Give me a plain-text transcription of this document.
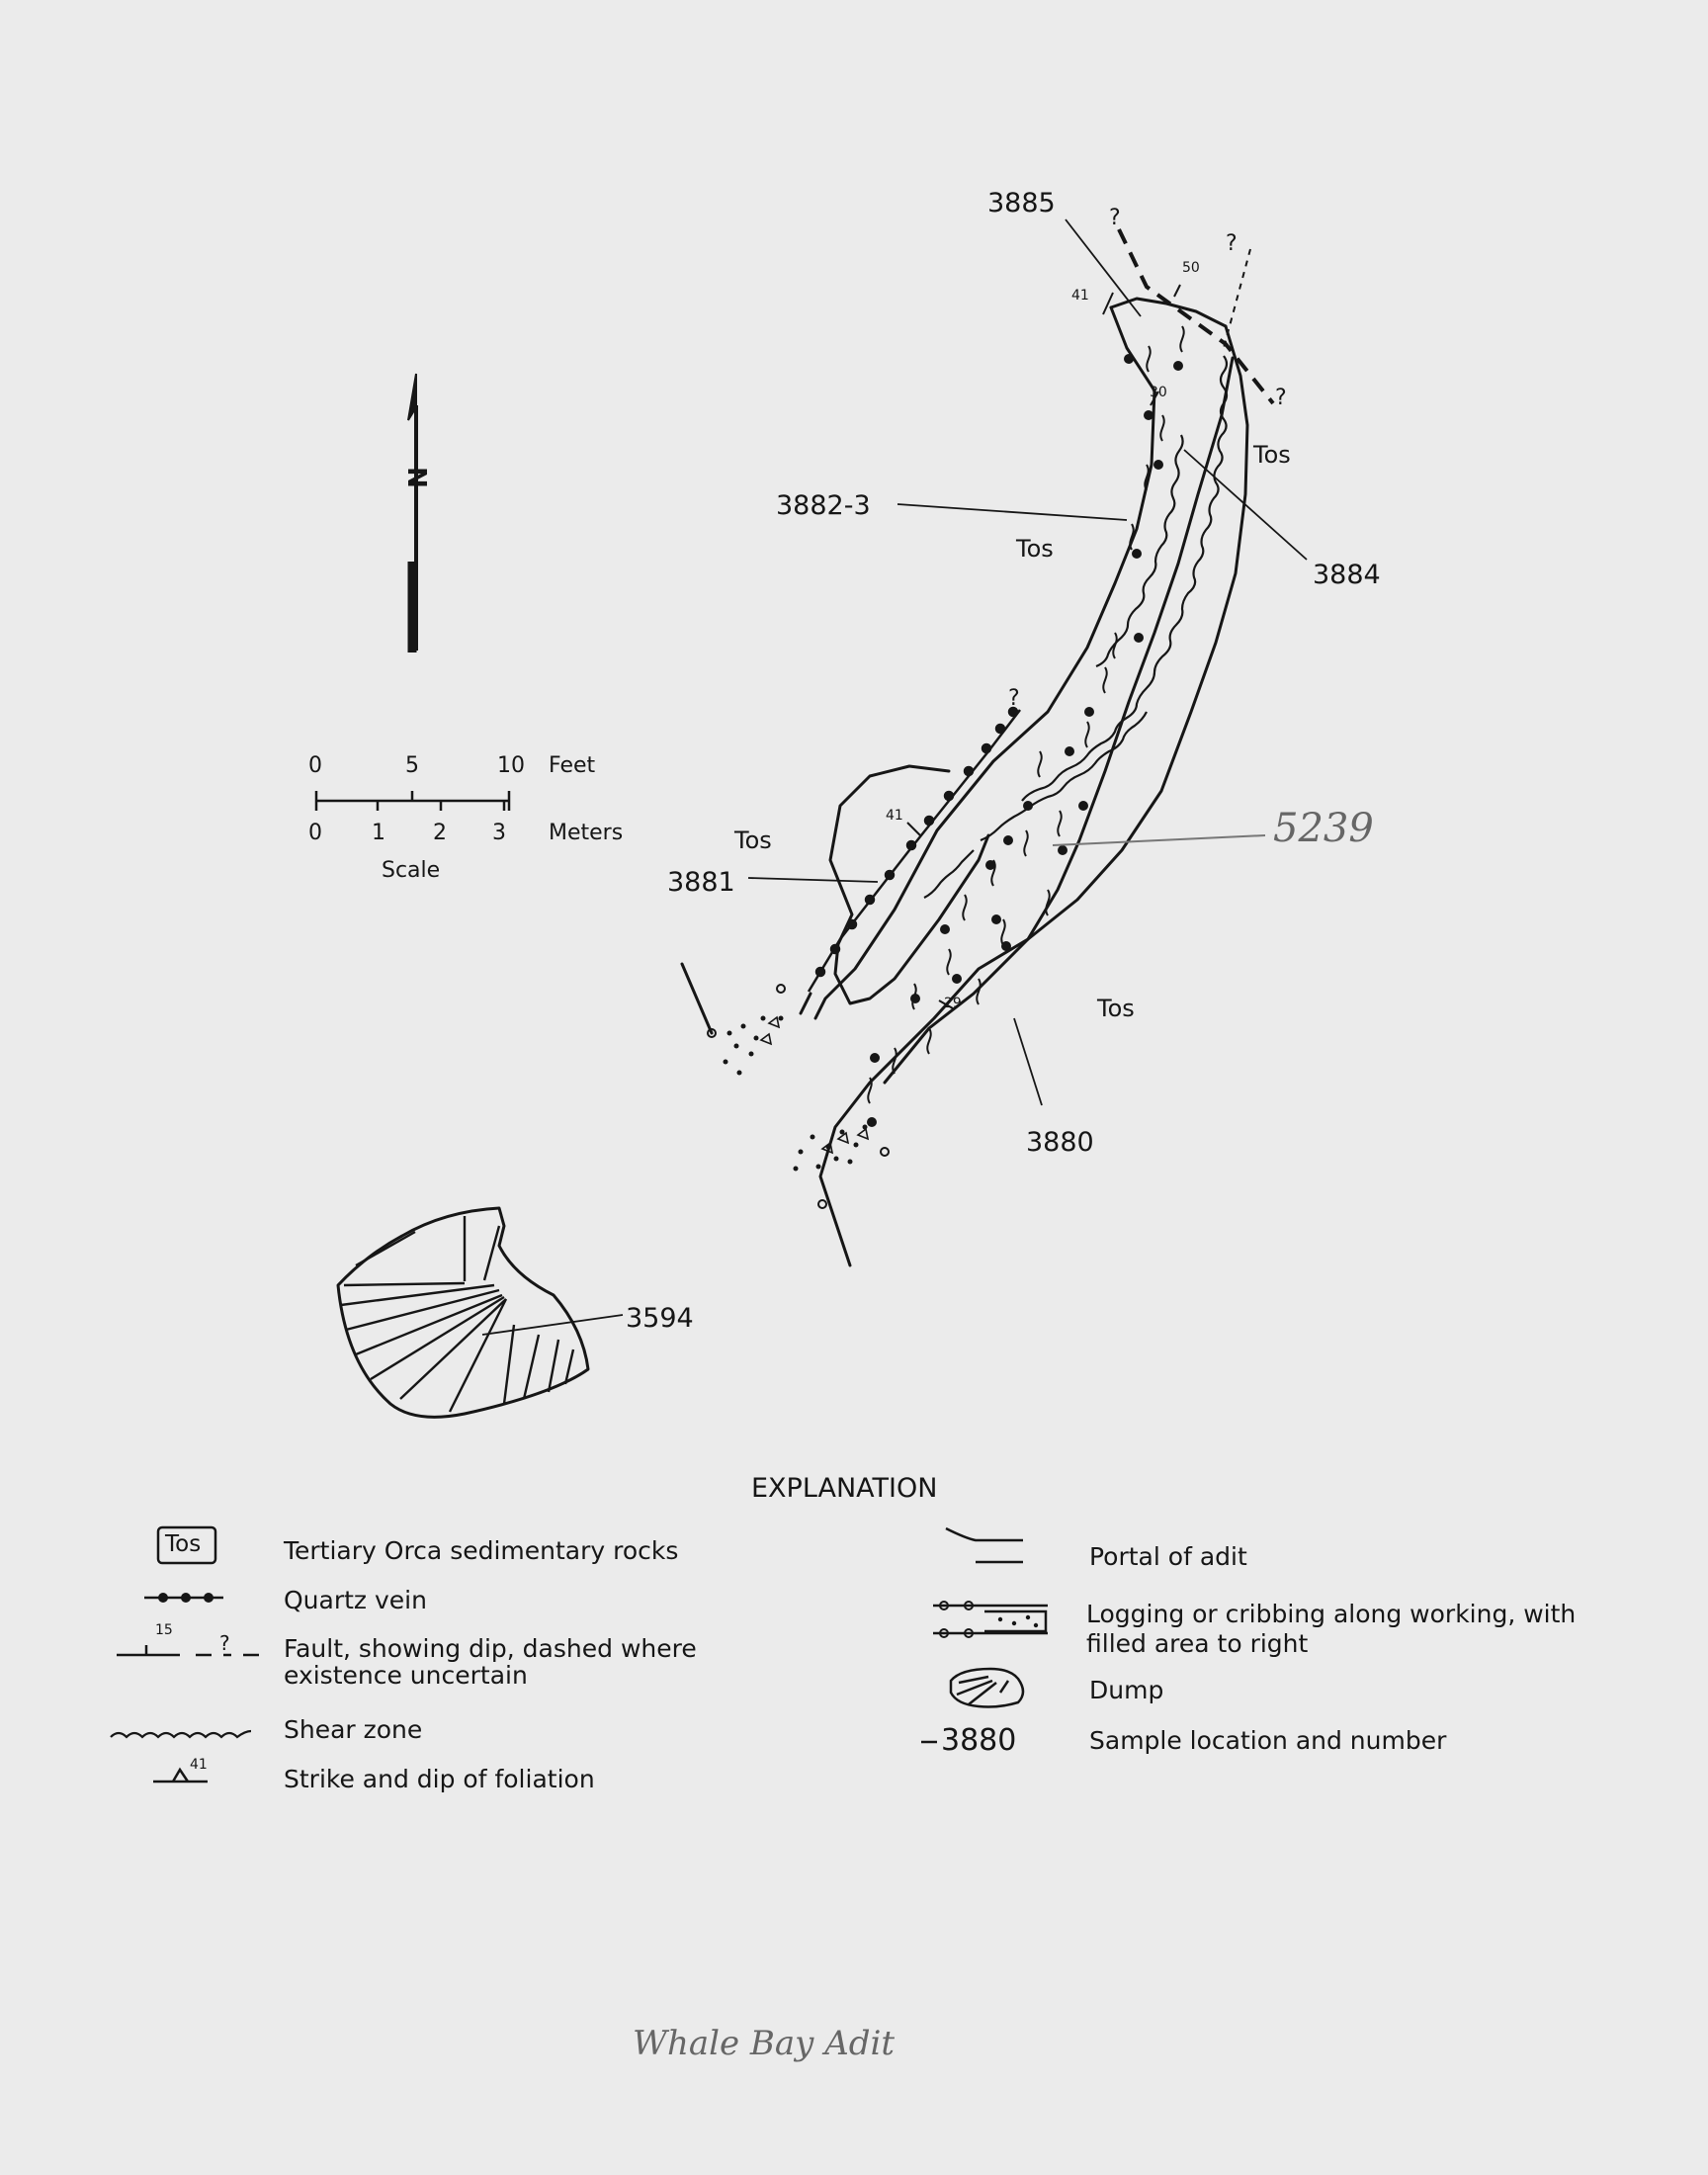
3885
3882-3
3884
3881
3880
3594
5239
Tos
Tos
Tos
Tos
41
50
30
41
29
?
?
?
?
N
0	5	10 Feet
0 1 2 3 Meters
Scale
EXPLANATION
Tos	Tertiary Orca sedimentary rocks
Quartz vein
15
? Fault, showing dip, dashed where
existence uncertain
Shear zone
41	Strike and dip of foliation
Portal of adit
Logging or cribbing along working, with
filled area to right
Dump
3880	Sample location and number
Whale Bay Adit
